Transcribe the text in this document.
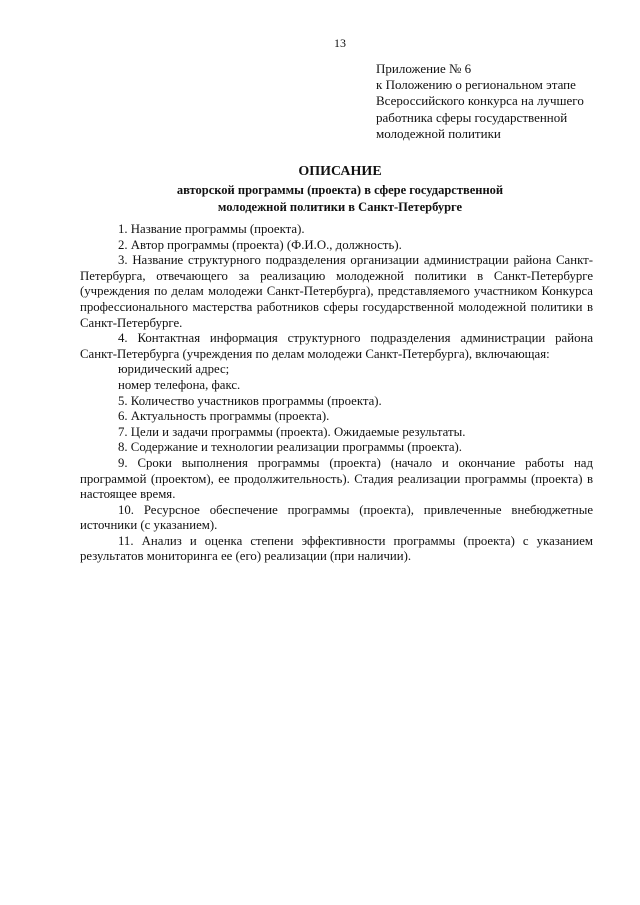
13
Приложение № 6
к Положению о региональном этапе
Всероссийского конкурса на лучшего
работника сферы государственной
молодежной политики
ОПИСАНИЕ
авторской программы (проекта) в сфере государственной
молодежной политики в Санкт-Петербурге

1. Название программы (проекта).

2. Автор программы (проекта) (Ф.И.О., должность).

3. Название структурного подразделения организации администрации района Санкт-Петербурга, отвечающего за реализацию молодежной политики в Санкт-Петербурге (учреждения по делам молодежи Санкт-Петербурга), представляемого участником Конкурса профессионального мастерства работников сферы государственной молодежной политики в Санкт-Петербурге.

4. Контактная информация структурного подразделения администрации района Санкт-Петербурга (учреждения по делам молодежи Санкт-Петербурга), включающая:

юридический адрес;

номер телефона, факс.

5. Количество участников программы (проекта).

6. Актуальность программы (проекта).

7. Цели и задачи программы (проекта). Ожидаемые результаты.

8. Содержание и технологии реализации программы (проекта).

9. Сроки выполнения программы (проекта) (начало и окончание работы над программой (проектом), ее продолжительность). Стадия реализации программы (проекта) в настоящее время.

10. Ресурсное обеспечение программы (проекта), привлеченные внебюджетные источники (с указанием).

11. Анализ и оценка степени эффективности программы (проекта) с указанием результатов мониторинга ее (его) реализации (при наличии).
